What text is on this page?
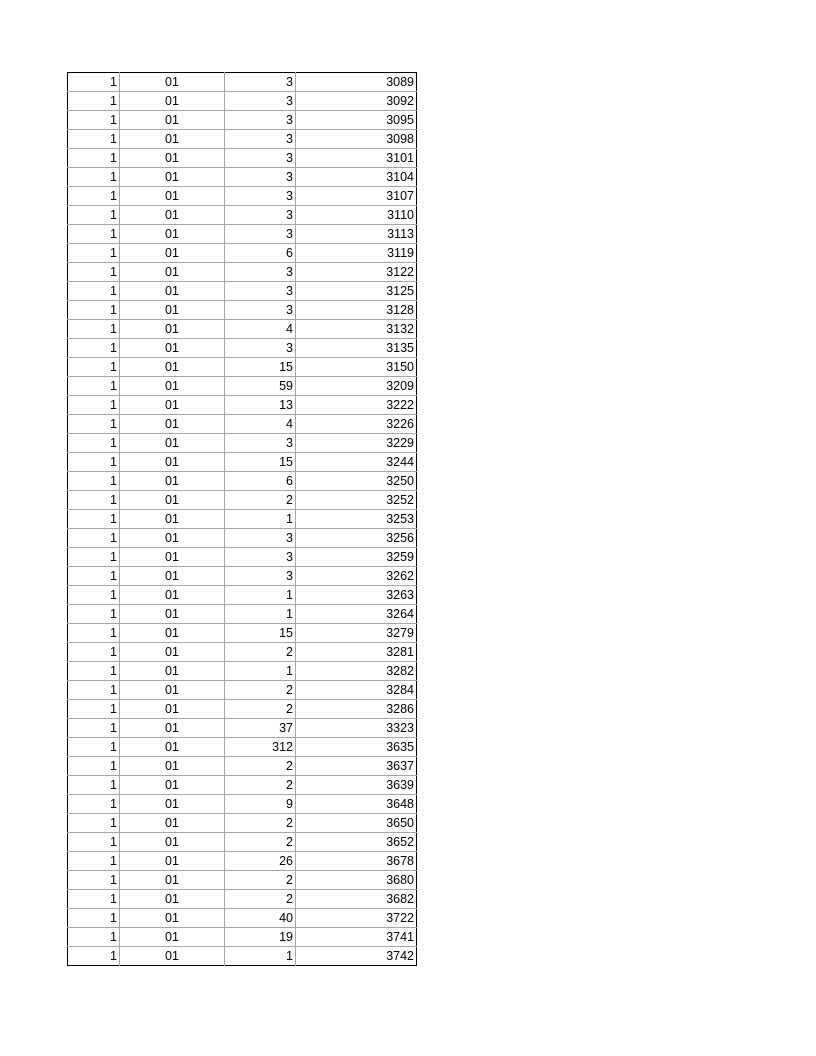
1	01	3	3089
1	01	3	3092
1	01	3	3095
1	01	3	3098
1	01	3	3101
1	01	3	3104
1	01	3	3107
1	01	3	3110
1	01	3	3113
1	01	6	3119
1	01	3	3122
1	01	3	3125
1	01	3	3128
1	01	4	3132
1	01	3	3135
1	01	15	3150
1	01	59	3209
1	01	13	3222
1	01	4	3226
1	01	3	3229
1	01	15	3244
1	01	6	3250
1	01	2	3252
1	01	1	3253
1	01	3	3256
1	01	3	3259
1	01	3	3262
1	01	1	3263
1	01	1	3264
1	01	15	3279
1	01	2	3281
1	01	1	3282
1	01	2	3284
1	01	2	3286
1	01	37	3323
1	01	312	3635
1	01	2	3637
1	01	2	3639
1	01	9	3648
1	01	2	3650
1	01	2	3652
1	01	26	3678
1	01	2	3680
1	01	2	3682
1	01	40	3722
1	01	19	3741
1	01	1	3742
